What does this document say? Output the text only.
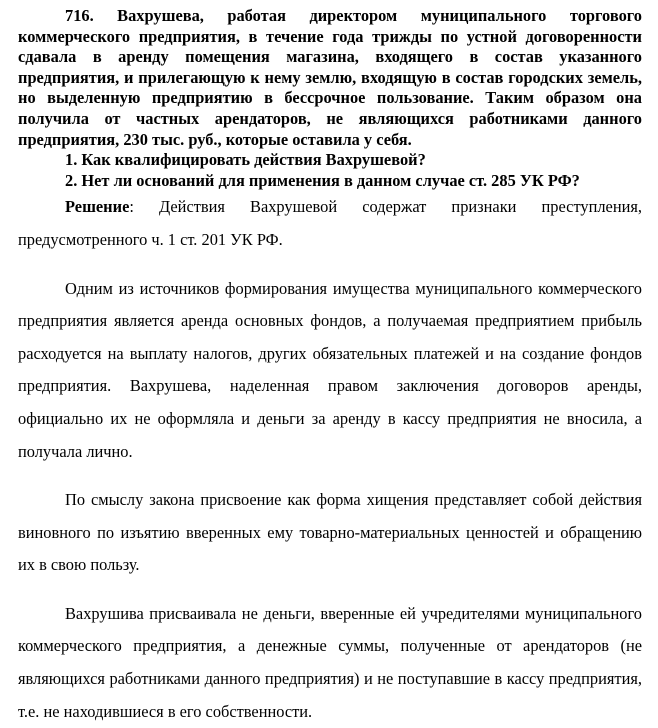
716. Вахрушева, работая директором муниципального торгового коммерческого предприятия, в течение года трижды по устной договоренности сдавала в аренду помещения магазина, входящего в состав указанного предприятия, и прилегающую к нему землю, входящую в состав городских земель, но выделенную предприятию в бессрочное пользование. Таким образом она получила от частных арендаторов, не являющихся работниками данного предприятия, 230 тыс. руб., которые оставила у себя.

1. Как квалифицировать действия Вахрушевой?

2. Нет ли оснований для применения в данном случае ст. 285 УК РФ?

Решение: Действия Вахрушевой содержат признаки преступления, предусмотренного ч. 1 ст. 201 УК РФ.

Одним из источников формирования имущества муниципального коммерческого предприятия является аренда основных фондов, а получаемая предприятием прибыль расходуется на выплату налогов, других обязательных платежей и на создание фондов предприятия. Вахрушева, наделенная правом заключения договоров аренды, официально их не оформляла и деньги за аренду в кассу предприятия не вносила, а получала лично.

По смыслу закона присвоение как форма хищения представляет собой действия виновного по изъятию вверенных ему товарно-материальных ценностей и обращению их в свою пользу.

Вахрушива присваивала не деньги, вверенные ей учредителями муниципального коммерческого предприятия, а денежные суммы, полученные от арендаторов (не являющихся работниками данного предприятия) и не поступавшие в кассу предприятия, т.е. не находившиеся в его собственности.
